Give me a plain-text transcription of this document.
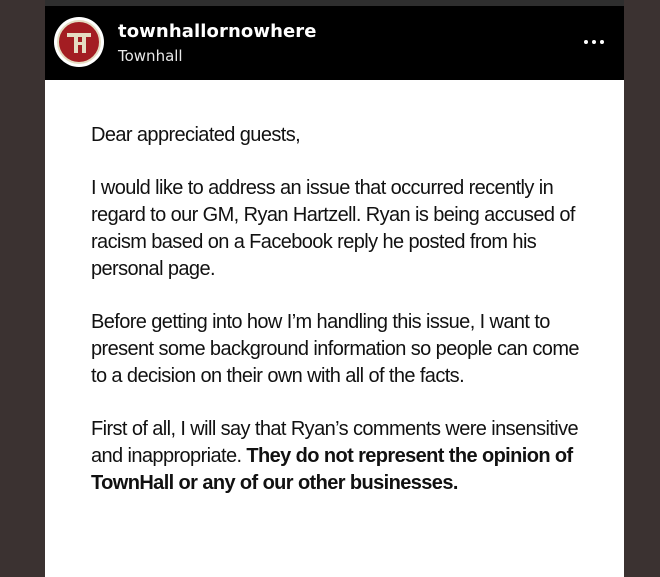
townhallornowhere
Townhall

Dear appreciated guests,

I would like to address an issue that occurred recently in regard to our GM, Ryan Hartzell. Ryan is being accused of racism based on a Facebook reply he posted from his personal page.

Before getting into how I’m handling this issue, I want to present some background information so people can come to a decision on their own with all of the facts.

First of all, I will say that Ryan’s comments were insensitive and inappropriate. They do not represent the opinion of TownHall or any of our other businesses.
